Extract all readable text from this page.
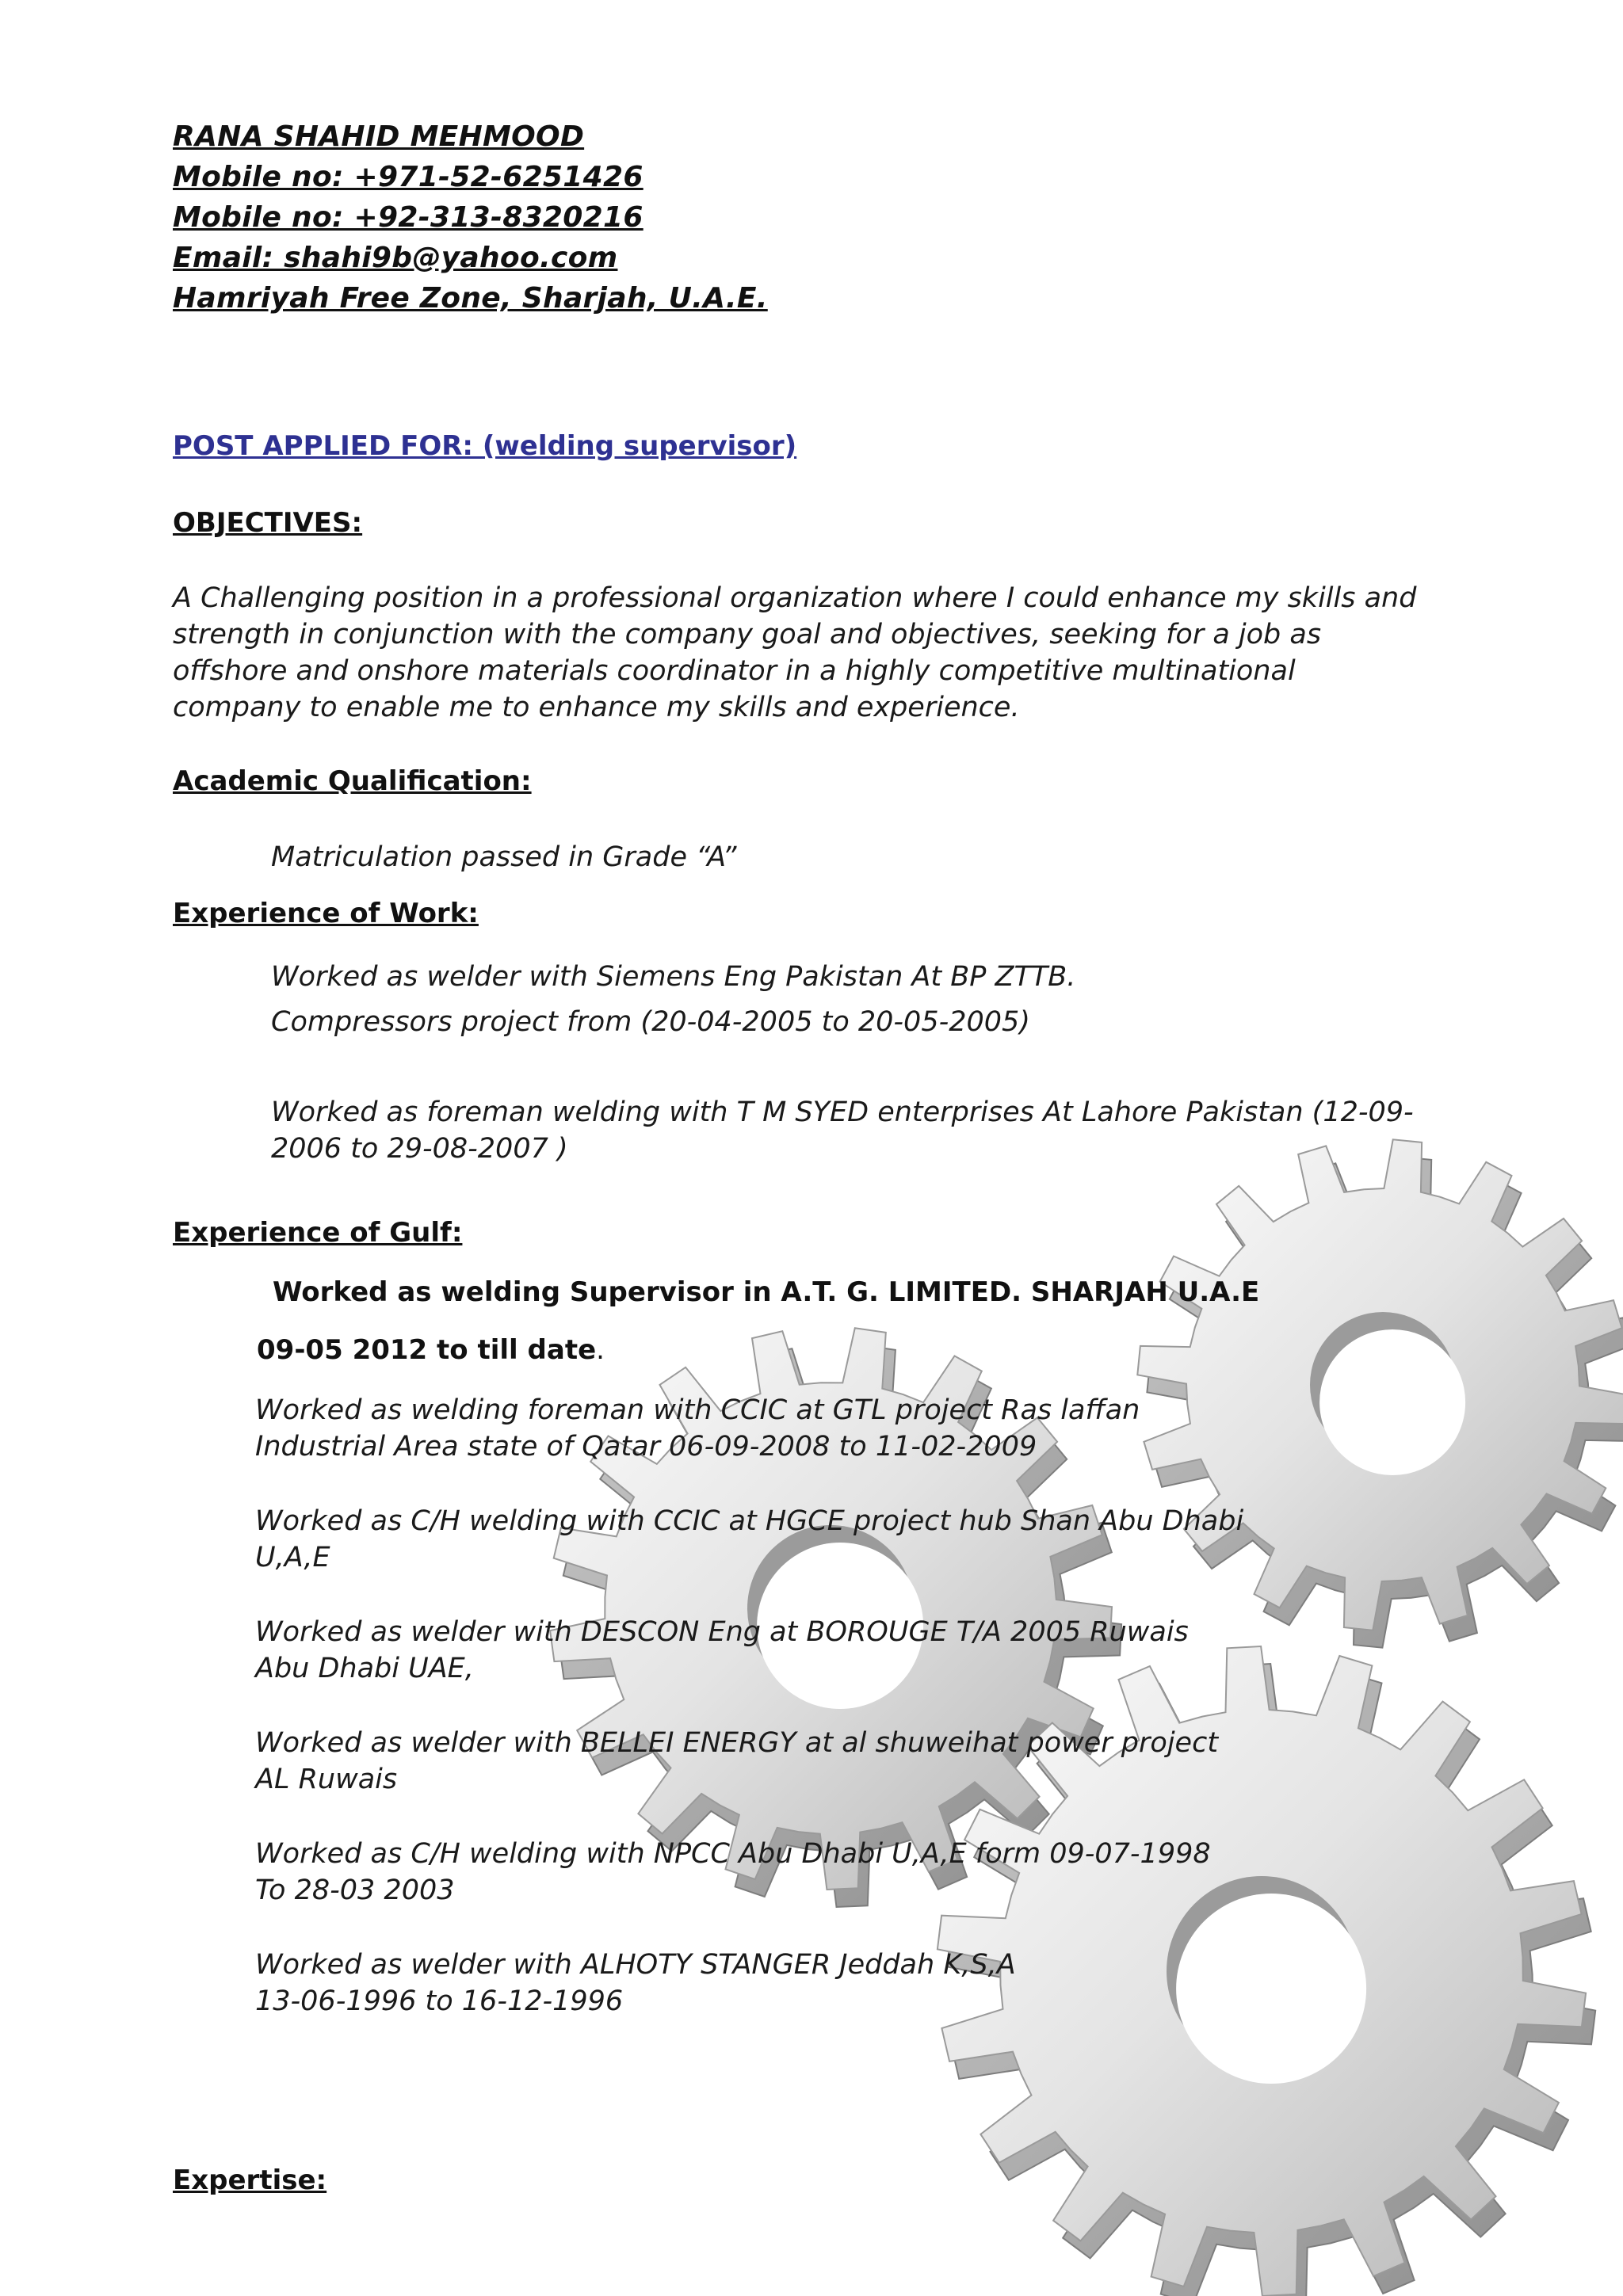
RANA SHAHID MEHMOOD

Mobile no: +971-52-6251426

Mobile no: +92-313-8320216

Email: shahi9b@yahoo.com

Hamriyah Free Zone, Sharjah, U.A.E.

POST APPLIED FOR: (welding supervisor)

OBJECTIVES:

A Challenging position in a professional organization where I could enhance my skills and
strength in conjunction with the company goal and objectives, seeking for a job as
offshore and onshore materials coordinator in a highly competitive multinational
company to enable me to enhance my skills and experience.

Academic Qualification:

Matriculation passed in Grade “A”

Experience of Work:

Worked as welder with Siemens Eng Pakistan At BP ZTTB.

Compressors project from (20-04-2005 to 20-05-2005)

Worked as foreman welding with T M SYED enterprises At Lahore Pakistan (12-09-
2006 to 29-08-2007 )

Experience of Gulf:

Worked as welding Supervisor in A.T. G. LIMITED. SHARJAH U.A.E

09-05 2012 to till date.

Worked as welding foreman with CCIC at GTL project Ras laffan
Industrial Area state of Qatar 06-09-2008 to 11-02-2009
Worked as C/H welding with CCIC at HGCE project hub Shan Abu Dhabi
U,A,E
Worked as welder with DESCON Eng at BOROUGE T/A 2005 Ruwais
Abu Dhabi UAE,
Worked as welder with BELLEI ENERGY at al shuweihat power project
AL Ruwais
Worked as C/H welding with NPCC Abu Dhabi U,A,E form 09-07-1998
To 28-03 2003
Worked as welder with ALHOTY STANGER Jeddah K,S,A
13-06-1996 to 16-12-1996

Expertise:
